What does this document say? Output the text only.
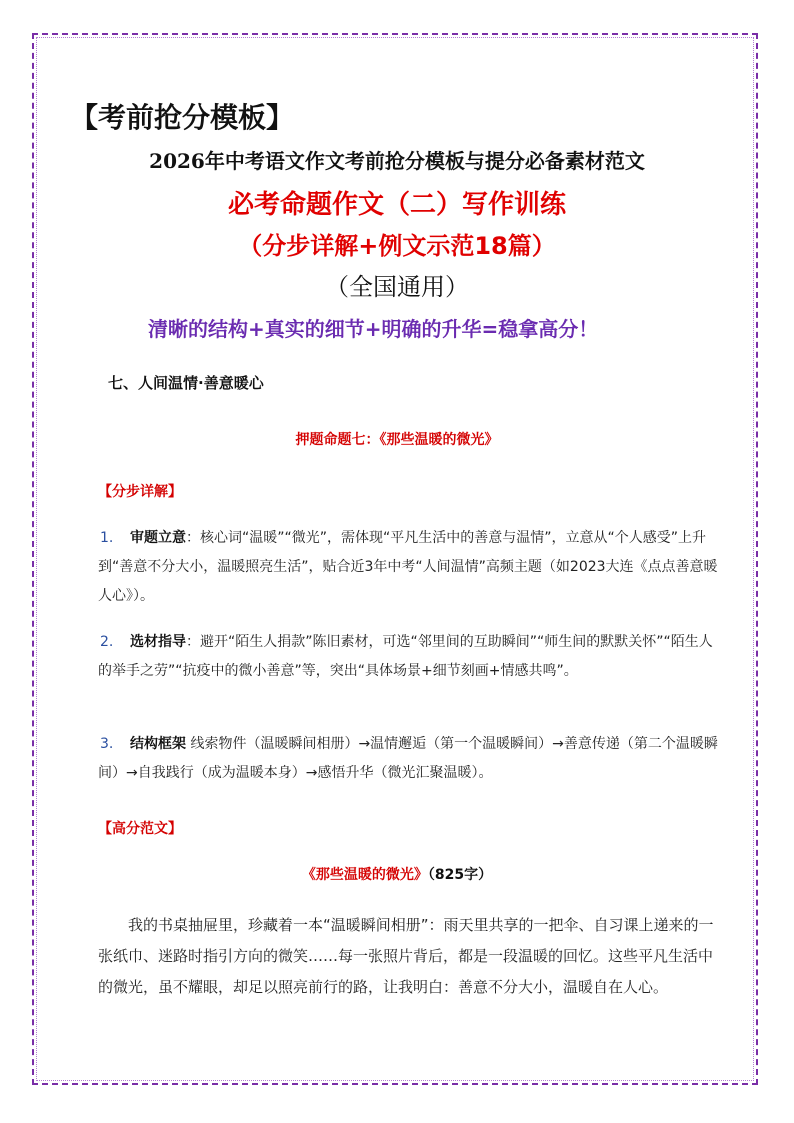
【考前抢分模板】
2026年中考语文作文考前抢分模板与提分必备素材范文
必考命题作文（二）写作训练
（分步详解+例文示范18篇）
（全国通用）
清晰的结构+真实的细节+明确的升华=稳拿高分！
七、人间温情·善意暖心
押题命题七：《那些温暖的微光》
【分步详解】
1. 审题立意：核心词“温暖”“微光”，需体现“平凡生活中的善意与温情”，立意从“个人感受”上升到“善意不分大小，温暖照亮生活”，贴合近3年中考“人间温情”高频主题（如2023大连《点点善意暖人心》）。
2. 选材指导：避开“陌生人捐款”陈旧素材，可选“邻里间的互助瞬间”“师生间的默默关怀”“陌生人的举手之劳”“抗疫中的微小善意”等，突出“具体场景+细节刻画+情感共鸣”。
3. 结构框架 线索物件（温暖瞬间相册）→温情邂逅（第一个温暖瞬间）→善意传递（第二个温暖瞬间）→自我践行（成为温暖本身）→感悟升华（微光汇聚温暖）。
【高分范文】
《那些温暖的微光》（825字）
我的书桌抽屉里，珍藏着一本“温暖瞬间相册”：雨天里共享的一把伞、自习课上递来的一张纸巾、迷路时指引方向的微笑……每一张照片背后，都是一段温暖的回忆。这些平凡生活中的微光，虽不耀眼，却足以照亮前行的路，让我明白：善意不分大小，温暖自在人心。
